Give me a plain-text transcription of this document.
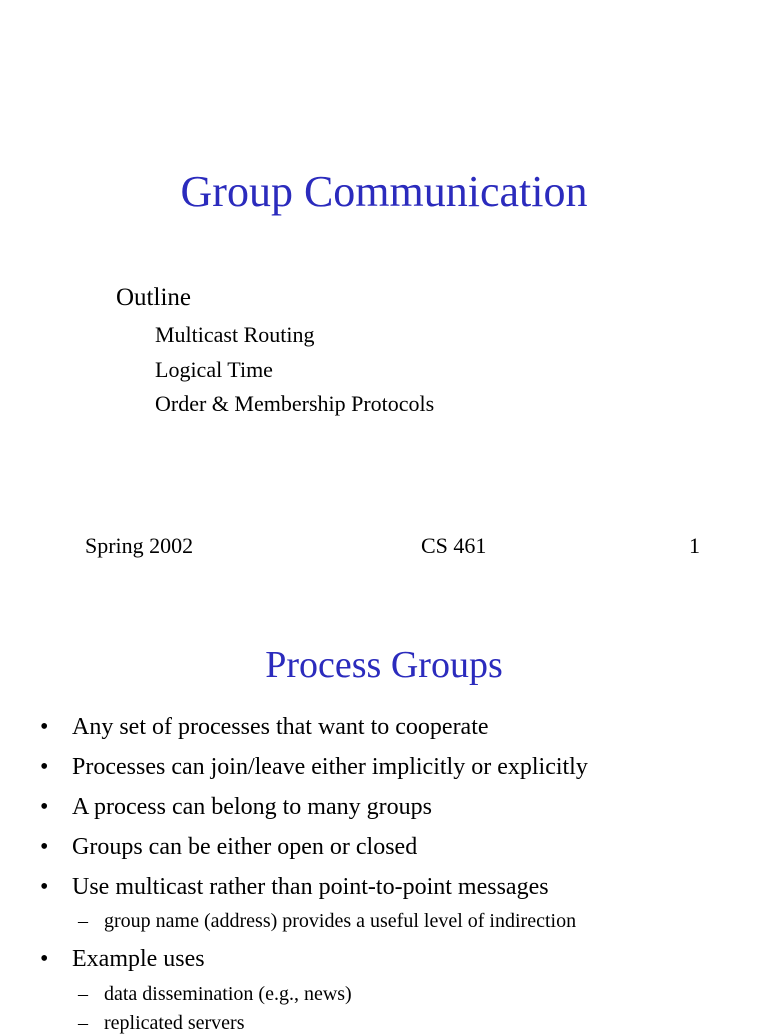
Group Communication
Outline
Multicast Routing
Logical Time
Order & Membership Protocols
Spring 2002	CS 461	1
Process Groups
• Any set of processes that want to cooperate
• Processes can join/leave either implicitly or explicitly
• A process can belong to many groups
• Groups can be either open or closed
• Use multicast rather than point-to-point messages
– group name (address) provides a useful level of indirection
• Example uses
– data dissemination (e.g., news)
– replicated servers
